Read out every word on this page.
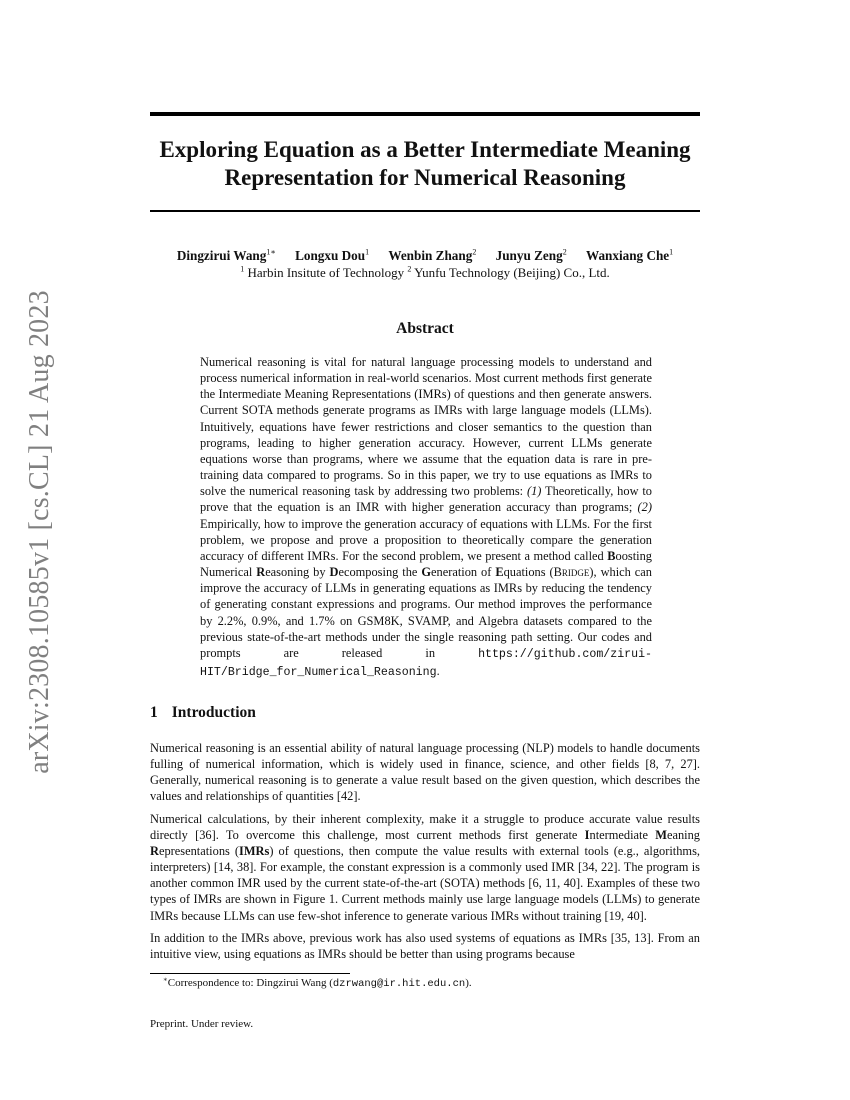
arXiv:2308.10585v1 [cs.CL] 21 Aug 2023
Exploring Equation as a Better Intermediate Meaning
Representation for Numerical Reasoning
Dingzirui Wang$^{1∗}$ Longxu Dou$^1$ Wenbin Zhang$^2$ Junyu Zeng$^2$ Wanxiang Che$^1$
$^1$ Harbin Insitute of Technology $^2$ Yunfu Technology (Beijing) Co., Ltd.
Abstract
Numerical reasoning is vital for natural language processing models to understand and process numerical information in real-world scenarios. Most current methods first generate the Intermediate Meaning Representations (IMRs) of questions and then generate answers. Current SOTA methods generate programs as IMRs with large language models (LLMs). Intuitively, equations have fewer restrictions and closer semantics to the question than programs, leading to higher generation accuracy. However, current LLMs generate equations worse than programs, where we assume that the equation data is rare in pre-training data compared to programs. So in this paper, we try to use equations as IMRs to solve the numerical reasoning task by addressing two problems: (1) Theoretically, how to prove that the equation is an IMR with higher generation accuracy than programs; (2) Empirically, how to improve the generation accuracy of equations with LLMs. For the first problem, we propose and prove a proposition to theoretically compare the generation accuracy of different IMRs. For the second problem, we present a method called Boosting Numerical Reasoning by Decomposing the Generation of Equations (Bridge), which can improve the accuracy of LLMs in generating equations as IMRs by reducing the tendency of generating constant expressions and programs. Our method improves the performance by 2.2%, 0.9%, and 1.7% on GSM8K, SVAMP, and Algebra datasets compared to the previous state-of-the-art methods under the single reasoning path setting. Our codes and prompts are released in	https://github.com/zirui-HIT/Bridge_for_Numerical_Reasoning.
1 Introduction

Numerical reasoning is an essential ability of natural language processing (NLP) models to handle documents fulling of numerical information, which is widely used in finance, science, and other fields [8, 7, 27]. Generally, numerical reasoning is to generate a value result based on the given question, which describes the values and relationships of quantities [42].

Numerical calculations, by their inherent complexity, make it a struggle to produce accurate value results directly [36]. To overcome this challenge, most current methods first generate Intermediate Meaning Representations (IMRs) of questions, then compute the value results with external tools (e.g., algorithms, interpreters) [14, 38]. For example, the constant expression is a commonly used IMR [34, 22]. The program is another common IMR used by the current state-of-the-art (SOTA) methods [6, 11, 40]. Examples of these two types of IMRs are shown in Figure 1. Current methods mainly use large language models (LLMs) to generate IMRs because LLMs can use few-shot inference to generate various IMRs without training [19, 40].

In addition to the IMRs above, previous work has also used systems of equations as IMRs [35, 13]. From an intuitive view, using equations as IMRs should be better than using programs because

∗Correspondence to: Dingzirui Wang (dzrwang@ir.hit.edu.cn).
Preprint. Under review.
